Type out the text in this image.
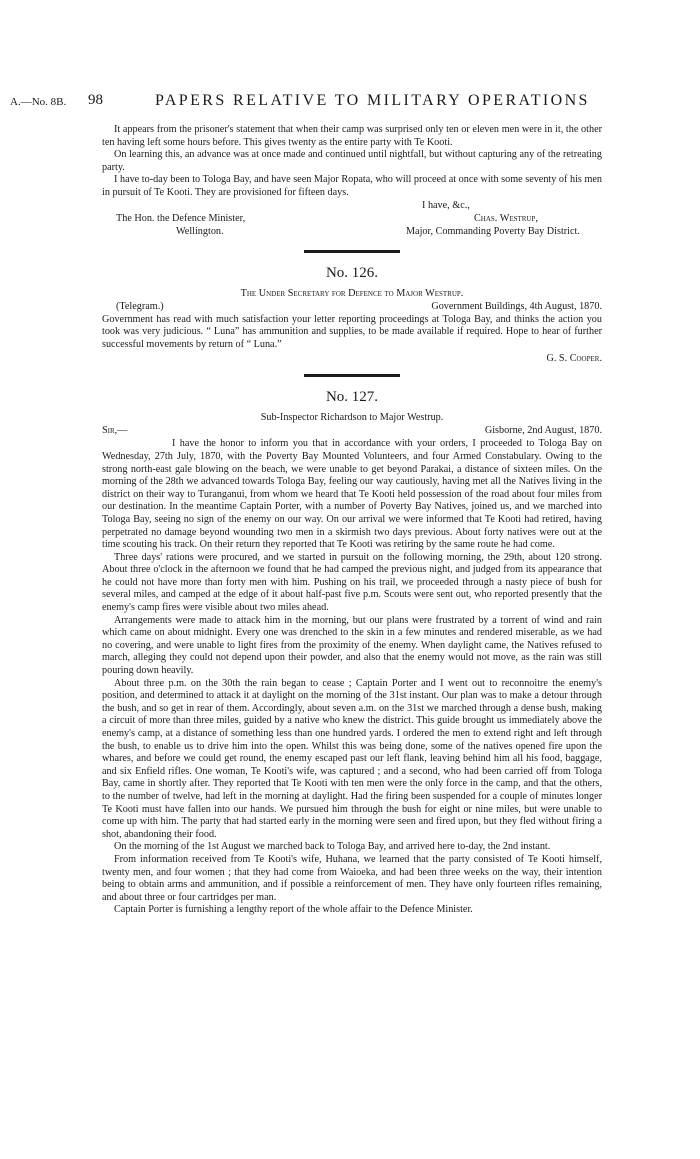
A.—No. 8B. 98	PAPERS RELATIVE TO MILITARY OPERATIONS

It appears from the prisoner's statement that when their camp was surprised only ten or eleven men were in it, the other ten having left some hours before. This gives twenty as the entire party with Te Kooti.

On learning this, an advance was at once made and continued until nightfall, but without capturing any of the retreating party.

I have to-day been to Tologa Bay, and have seen Major Ropata, who will proceed at once with some seventy of his men in pursuit of Te Kooti. They are provisioned for fifteen days.

I have, &c.,
The Hon. the Defence Minister,
Wellington.
Chas. Westrup,
Major, Commanding Poverty Bay District.
No. 126.
The Under Secretary for Defence to Major Westrup.
(Telegram.)	Government Buildings, 4th August, 1870.

Government has read with much satisfaction your letter reporting proceedings at Tologa Bay, and thinks the action you took was very judicious. “ Luna” has ammunition and supplies, to be made available if required. Hope to hear of further successful movements by return of “ Luna.”

G. S. Cooper.
No. 127.
Sub-Inspector Richardson to Major Westrup.
Sir,—	Gisborne, 2nd August, 1870.

I have the honor to inform you that in accordance with your orders, I proceeded to Tologa Bay on Wednesday, 27th July, 1870, with the Poverty Bay Mounted Volunteers, and four Armed Constabulary. Owing to the strong north-east gale blowing on the beach, we were unable to get beyond Parakai, a distance of sixteen miles. On the morning of the 28th we advanced towards Tologa Bay, feeling our way cautiously, having met all the Natives living in the district on their way to Turanganui, from whom we heard that Te Kooti held possession of the road about four miles from our destination. In the meantime Captain Porter, with a number of Poverty Bay Natives, joined us, and we marched into Tologa Bay, seeing no sign of the enemy on our way. On our arrival we were informed that Te Kooti had retired, having perpetrated no damage beyond wounding two men in a skirmish two days previous. About forty natives were out at the time scouting his track. On their return they reported that Te Kooti was retiring by the same route he had come.

Three days' rations were procured, and we started in pursuit on the following morning, the 29th, about 120 strong. About three o'clock in the afternoon we found that he had camped the previous night, and judged from its appearance that he could not have more than forty men with him. Pushing on his trail, we proceeded through a nasty piece of bush for several miles, and camped at the edge of it about half-past five p.m. Scouts were sent out, who reported presently that the enemy's camp fires were visible about two miles ahead.

Arrangements were made to attack him in the morning, but our plans were frustrated by a torrent of wind and rain which came on about midnight. Every one was drenched to the skin in a few minutes and rendered miserable, as we had no covering, and were unable to light fires from the proximity of the enemy. When daylight came, the Natives refused to march, alleging they could not depend upon their powder, and also that the enemy would not move, as the rain was still pouring down heavily.

About three p.m. on the 30th the rain began to cease ; Captain Porter and I went out to reconnoitre the enemy's position, and determined to attack it at daylight on the morning of the 31st instant. Our plan was to make a detour through the bush, and so get in rear of them. Accordingly, about seven a.m. on the 31st we marched through a dense bush, making a circuit of more than three miles, guided by a native who knew the district. This guide brought us immediately above the enemy's camp, at a distance of something less than one hundred yards. I ordered the men to extend right and left through the bush, to enable us to drive him into the open. Whilst this was being done, some of the natives opened fire upon the whares, and before we could get round, the enemy escaped past our left flank, leaving behind him all his food, baggage, and six Enfield rifles. One woman, Te Kooti's wife, was captured ; and a second, who had been carried off from Tologa Bay, came in shortly after. They reported that Te Kooti with ten men were the only force in the camp, and that the others, to the number of twelve, had left in the morning at daylight. Had the firing been suspended for a couple of minutes longer Te Kooti must have fallen into our hands. We pursued him through the bush for eight or nine miles, but were unable to come up with him. The party that had started early in the morning were seen and fired upon, but they fled without firing a shot, abandoning their food.

On the morning of the 1st August we marched back to Tologa Bay, and arrived here to-day, the 2nd instant.

From information received from Te Kooti's wife, Huhana, we learned that the party consisted of Te Kooti himself, twenty men, and four women ; that they had come from Waioeka, and had been three weeks on the way, their intention being to obtain arms and ammunition, and if possible a reinforcement of men. They have only fourteen rifles remaining, and about three or four cartridges per man.

Captain Porter is furnishing a lengthy report of the whole affair to the Defence Minister.
